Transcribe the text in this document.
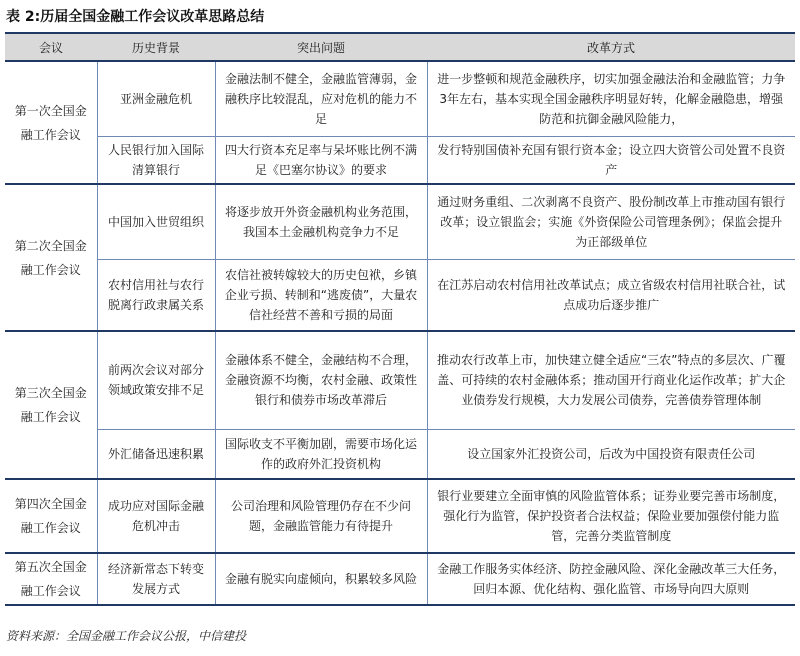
表 2:历届全国金融工作会议改革思路总结
会议	历史背景	突出问题	改革方式
第一次全国金融工作会议	亚洲金融危机	金融法制不健全，金融监管薄弱，金融秩序比较混乱，应对危机的能力不足	进一步整顿和规范金融秩序，切实加强金融法治和金融监管；力争3年左右，基本实现全国金融秩序明显好转，化解金融隐患，增强防范和抗御金融风险能力，
	人民银行加入国际清算银行	四大行资本充足率与呆坏账比例不满足《巴塞尔协议》的要求	发行特别国债补充国有银行资本金；设立四大资管公司处置不良资产
第二次全国金融工作会议	中国加入世贸组织	将逐步放开外资金融机构业务范围，我国本土金融机构竞争力不足	通过财务重组、二次剥离不良资产、股份制改革上市推动国有银行改革；设立银监会；实施《外资保险公司管理条例》；保监会提升为正部级单位
	农村信用社与农行脱离行政隶属关系	农信社被转嫁较大的历史包袱，乡镇企业亏损、转制和“逃废债”，大量农信社经营不善和亏损的局面	在江苏启动农村信用社改革试点；成立省级农村信用社联合社，试点成功后逐步推广
第三次全国金融工作会议	前两次会议对部分领域政策安排不足	金融体系不健全，金融结构不合理，金融资源不均衡，农村金融、政策性银行和债券市场改革滞后	推动农行改革上市，加快建立健全适应“三农”特点的多层次、广覆盖、可持续的农村金融体系；推动国开行商业化运作改革；扩大企业债券发行规模，大力发展公司债券，完善债券管理体制
	外汇储备迅速积累	国际收支不平衡加剧，需要市场化运作的政府外汇投资机构	设立国家外汇投资公司，后改为中国投资有限责任公司
第四次全国金融工作会议	成功应对国际金融危机冲击	公司治理和风险管理仍存在不少问题，金融监管能力有待提升	银行业要建立全面审慎的风险监管体系；证券业要完善市场制度，强化行为监管，保护投资者合法权益；保险业要加强偿付能力监管，完善分类监管制度
第五次全国金融工作会议	经济新常态下转变发展方式	金融有脱实向虚倾向，积累较多风险	金融工作服务实体经济、防控金融风险、深化金融改革三大任务，回归本源、优化结构、强化监管、市场导向四大原则
资料来源：全国金融工作会议公报，中信建投
